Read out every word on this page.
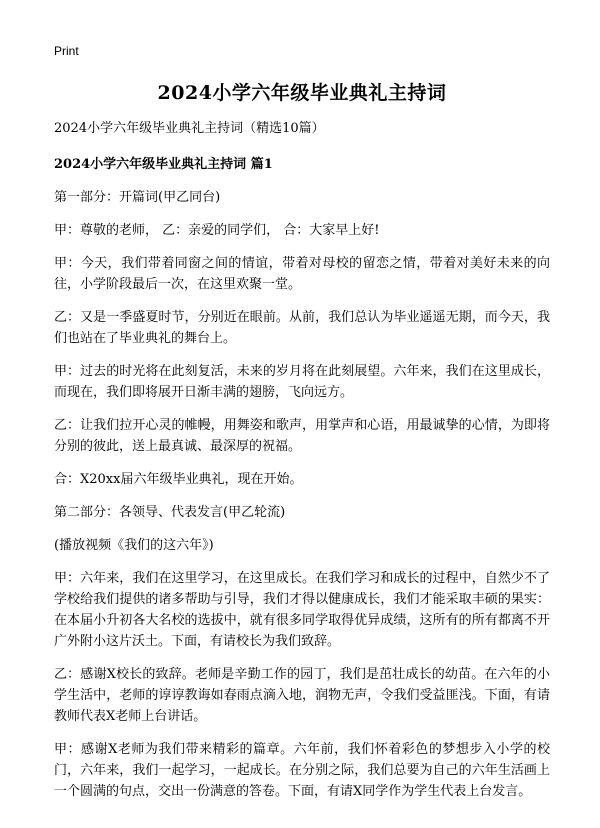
Print
2024小学六年级毕业典礼主持词

2024小学六年级毕业典礼主持词（精选10篇）

2024小学六年级毕业典礼主持词 篇1

第一部分：开篇词(甲乙同台)

甲：尊敬的老师， 乙：亲爱的同学们， 合：大家早上好!

甲：今天，我们带着同窗之间的情谊，带着对母校的留恋之情，带着对美好未来的向往，小学阶段最后一次，在这里欢聚一堂。

乙：又是一季盛夏时节，分别近在眼前。从前，我们总认为毕业遥遥无期，而今天，我们也站在了毕业典礼的舞台上。

甲：过去的时光将在此刻复活，未来的岁月将在此刻展望。六年来，我们在这里成长，而现在，我们即将展开日渐丰满的翅膀，飞向远方。

乙：让我们拉开心灵的帷幔，用舞姿和歌声，用掌声和心语，用最诚挚的心情，为即将分别的彼此，送上最真诚、最深厚的祝福。

合：X20xx届六年级毕业典礼，现在开始。

第二部分：各领导、代表发言(甲乙轮流)

(播放视频《我们的这六年》)

甲：六年来，我们在这里学习，在这里成长。在我们学习和成长的过程中，自然少不了学校给我们提供的诸多帮助与引导，我们才得以健康成长，我们才能采取丰硕的果实：在本届小升初各大名校的选拔中，就有很多同学取得优异成绩，这所有的所有都离不开广外附小这片沃土。下面，有请校长为我们致辞。

乙：感谢X校长的致辞。老师是辛勤工作的园丁，我们是茁壮成长的幼苗。在六年的小学生活中，老师的谆谆教诲如春雨点滴入地，润物无声，令我们受益匪浅。下面，有请教师代表X老师上台讲话。

甲：感谢X老师为我们带来精彩的篇章。六年前，我们怀着彩色的梦想步入小学的校门，六年来，我们一起学习，一起成长。在分别之际，我们总要为自己的六年生活画上一个圆满的句点，交出一份满意的答卷。下面，有请X同学作为学生代表上台发言。
